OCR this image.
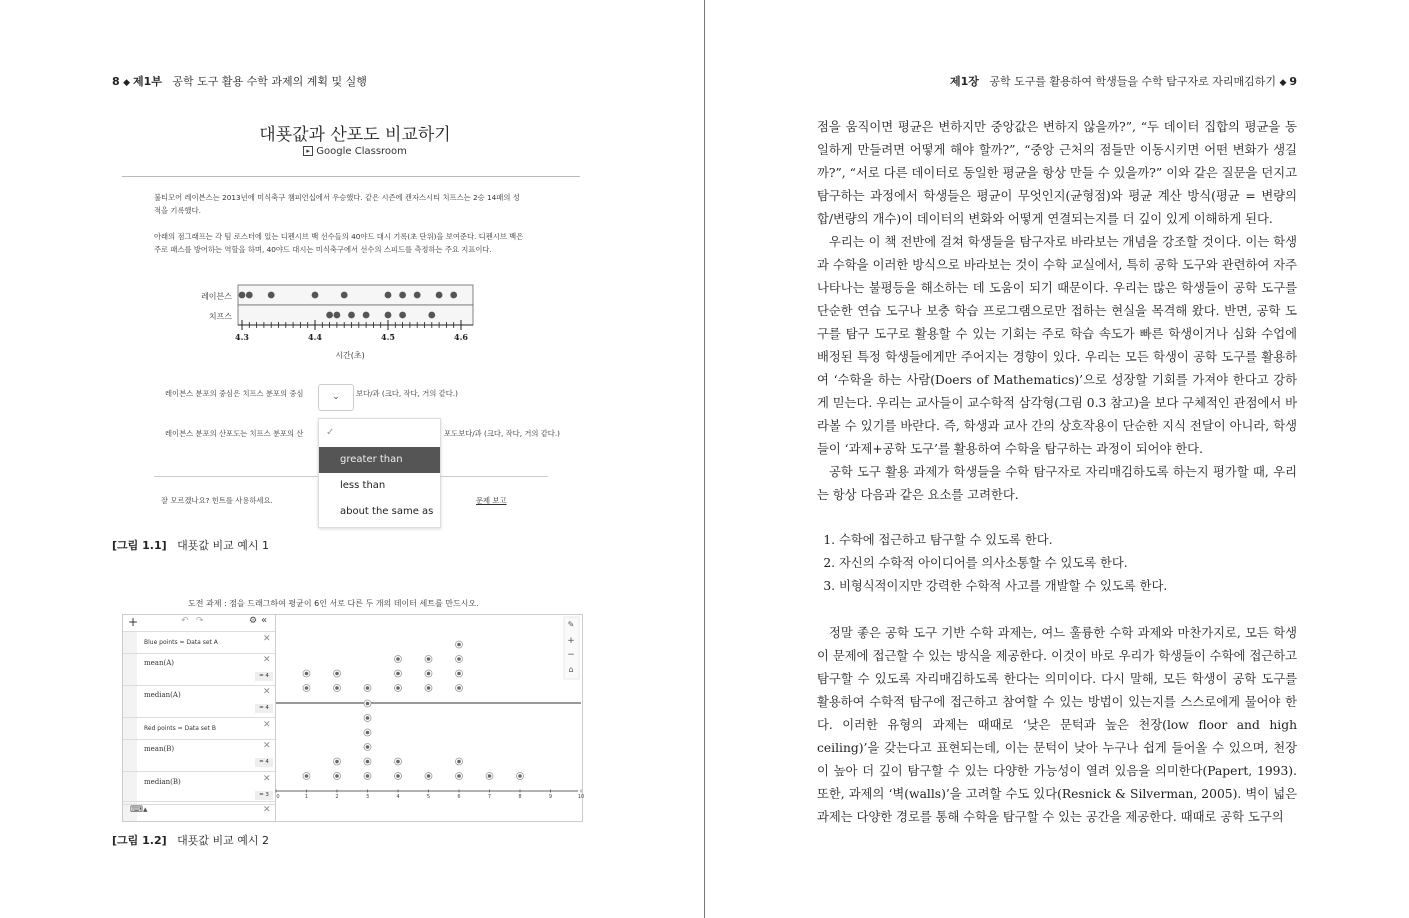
8 ◆ 제1부 공학 도구 활용 수학 과제의 계획 및 실행
대푯값과 산포도 비교하기
▸ Google Classroom
불티모어 레이븐스는 2013년에 미식축구 챔피언십에서 우승했다. 같은 시즌에 캔자스시티 치프스는 2승 14패의 성적을 기록했다.
아래의 점그래프는 각 팀 로스터에 있는 디펜시브 백 선수들의 40야드 대시 기록(초 단위)을 보여준다. 디펜시브 백은 주로 패스를 방어하는 역할을 하며, 40야드 대시는 미식축구에서 선수의 스피드를 측정하는 주요 지표이다.
레이븐스
치프스
4.3	4.4	4.5	4.6
시간(초)
레이븐스 분포의 중심은 치프스 분포의 중심	⌄	보다/과 (크다, 작다, 거의 같다.)
레이븐스 분포의 산포도는 치프스 분포의 산	포도보다/과 (크다, 작다, 거의 같다.)
✓
greater than
less than
about the same as
잘 모르겠나요? 힌트를 사용하세요.	문제 보고
[그림 1.1] 대푯값 비교 예시 1
도전 과제 : 점을 드래그하여 평균이 6인 서로 다른 두 개의 데이터 세트를 만드시오.
+	↶ ↷	⚙ «
Blue points = Data set A	✕
mean(A)
= 4
✕
median(A)
= 4
✕
Red points = Data set B	✕
mean(B)
= 4
✕
median(B)
= 3
✕
⌨▴	✕
0	1	2	3	4	5	6	7	8	9	10
✎
+
−
⌂
[그림 1.2] 대푯값 비교 예시 2
제1장 공학 도구를 활용하여 학생들을 수학 탐구자로 자리매김하기 ◆ 9

점을 움직이면 평균은 변하지만 중앙값은 변하지 않을까?”, “두 데이터 집합의 평균을 동일하게 만들려면 어떻게 해야 할까?”, “중앙 근처의 점들만 이동시키면 어떤 변화가 생길까?”, “서로 다른 데이터로 동일한 평균을 항상 만들 수 있을까?” 이와 같은 질문을 던지고 탐구하는 과정에서 학생들은 평균이 무엇인지(균형점)와 평균 계산 방식(평균 = 변량의 합/변량의 개수)이 데이터의 변화와 어떻게 연결되는지를 더 깊이 있게 이해하게 된다.

우리는 이 책 전반에 걸쳐 학생들을 탐구자로 바라보는 개념을 강조할 것이다. 이는 학생과 수학을 이러한 방식으로 바라보는 것이 수학 교실에서, 특히 공학 도구와 관련하여 자주 나타나는 불평등을 해소하는 데 도움이 되기 때문이다. 우리는 많은 학생들이 공학 도구를 단순한 연습 도구나 보충 학습 프로그램으로만 접하는 현실을 목격해 왔다. 반면, 공학 도구를 탐구 도구로 활용할 수 있는 기회는 주로 학습 속도가 빠른 학생이거나 심화 수업에 배정된 특정 학생들에게만 주어지는 경향이 있다. 우리는 모든 학생이 공학 도구를 활용하여 ‘수학을 하는 사람(Doers of Mathematics)’으로 성장할 기회를 가져야 한다고 강하게 믿는다. 우리는 교사들이 교수학적 삼각형(그림 0.3 참고)을 보다 구체적인 관점에서 바라볼 수 있기를 바란다. 즉, 학생과 교사 간의 상호작용이 단순한 지식 전달이 아니라, 학생들이 ‘과제+공학 도구’를 활용하여 수학을 탐구하는 과정이 되어야 한다.

공학 도구 활용 과제가 학생들을 수학 탐구자로 자리매김하도록 하는지 평가할 때, 우리는 항상 다음과 같은 요소를 고려한다.

1. 수학에 접근하고 탐구할 수 있도록 한다.
2. 자신의 수학적 아이디어를 의사소통할 수 있도록 한다.
3. 비형식적이지만 강력한 수학적 사고를 개발할 수 있도록 한다.

정말 좋은 공학 도구 기반 수학 과제는, 여느 훌륭한 수학 과제와 마찬가지로, 모든 학생이 문제에 접근할 수 있는 방식을 제공한다. 이것이 바로 우리가 학생들이 수학에 접근하고 탐구할 수 있도록 자리매김하도록 한다는 의미이다. 다시 말해, 모든 학생이 공학 도구를 활용하여 수학적 탐구에 접근하고 참여할 수 있는 방법이 있는지를 스스로에게 물어야 한다. 이러한 유형의 과제는 때때로 ‘낮은 문턱과 높은 천장(low floor and high ceiling)’을 갖는다고 표현되는데, 이는 문턱이 낮아 누구나 쉽게 들어올 수 있으며, 천장이 높아 더 깊이 탐구할 수 있는 다양한 가능성이 열려 있음을 의미한다(Papert, 1993). 또한, 과제의 ‘벽(walls)’을 고려할 수도 있다(Resnick & Silverman, 2005). 벽이 넓은 과제는 다양한 경로를 통해 수학을 탐구할 수 있는 공간을 제공한다. 때때로 공학 도구의
